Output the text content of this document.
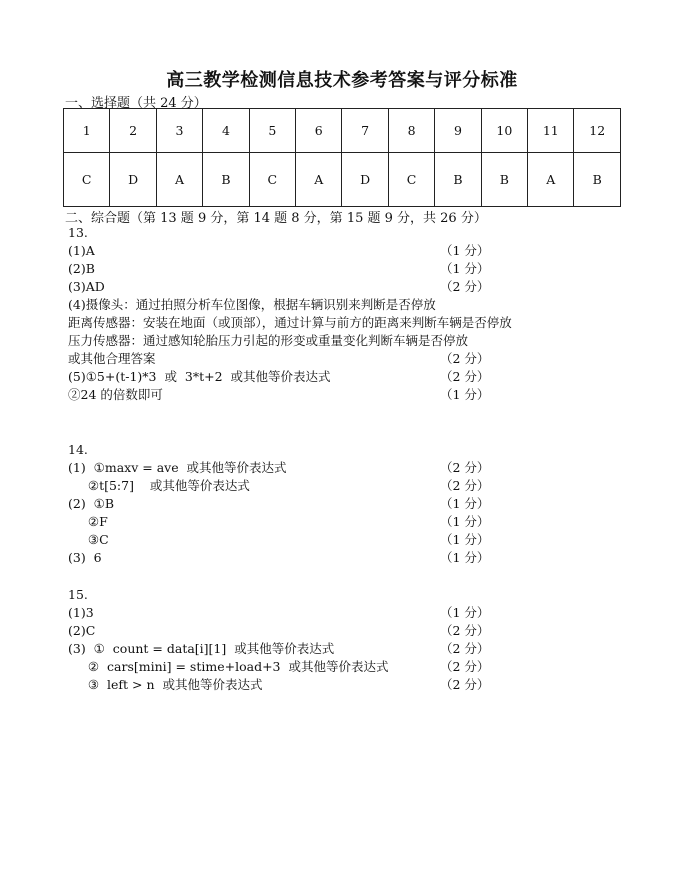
高三教学检测信息技术参考答案与评分标准
一、选择题（共 24 分）
1	2	3	4	5	6	7	8	9	10	11	12
C	D	A	B	C	A	D	C	B	B	A	B
二、综合题（第 13 题 9 分，第 14 题 8 分，第 15 题 9 分，共 26 分）
13.
(1)A	（1 分）
(2)B	（1 分）
(3)AD	（2 分）
(4)摄像头：通过拍照分析车位图像，根据车辆识别来判断是否停放
距离传感器：安装在地面（或顶部），通过计算与前方的距离来判断车辆是否停放
压力传感器：通过感知轮胎压力引起的形变或重量变化判断车辆是否停放
或其他合理答案	（2 分）
(5)①5+(t-1)*3  或  3*t+2  或其他等价表达式	（2 分）
②24 的倍数即可	（1 分）
14.
(1)  ①maxv = ave  或其他等价表达式	（2 分）
②t[5:7]    或其他等价表达式	（2 分）
(2)  ①B	（1 分）
②F	（1 分）
③C	（1 分）
(3)  6	（1 分）
15.
(1)3	（1 分）
(2)C	（2 分）
(3)  ①  count = data[i][1]  或其他等价表达式	（2 分）
②  cars[mini] = stime+load+3  或其他等价表达式	（2 分）
③  left > n  或其他等价表达式	（2 分）
